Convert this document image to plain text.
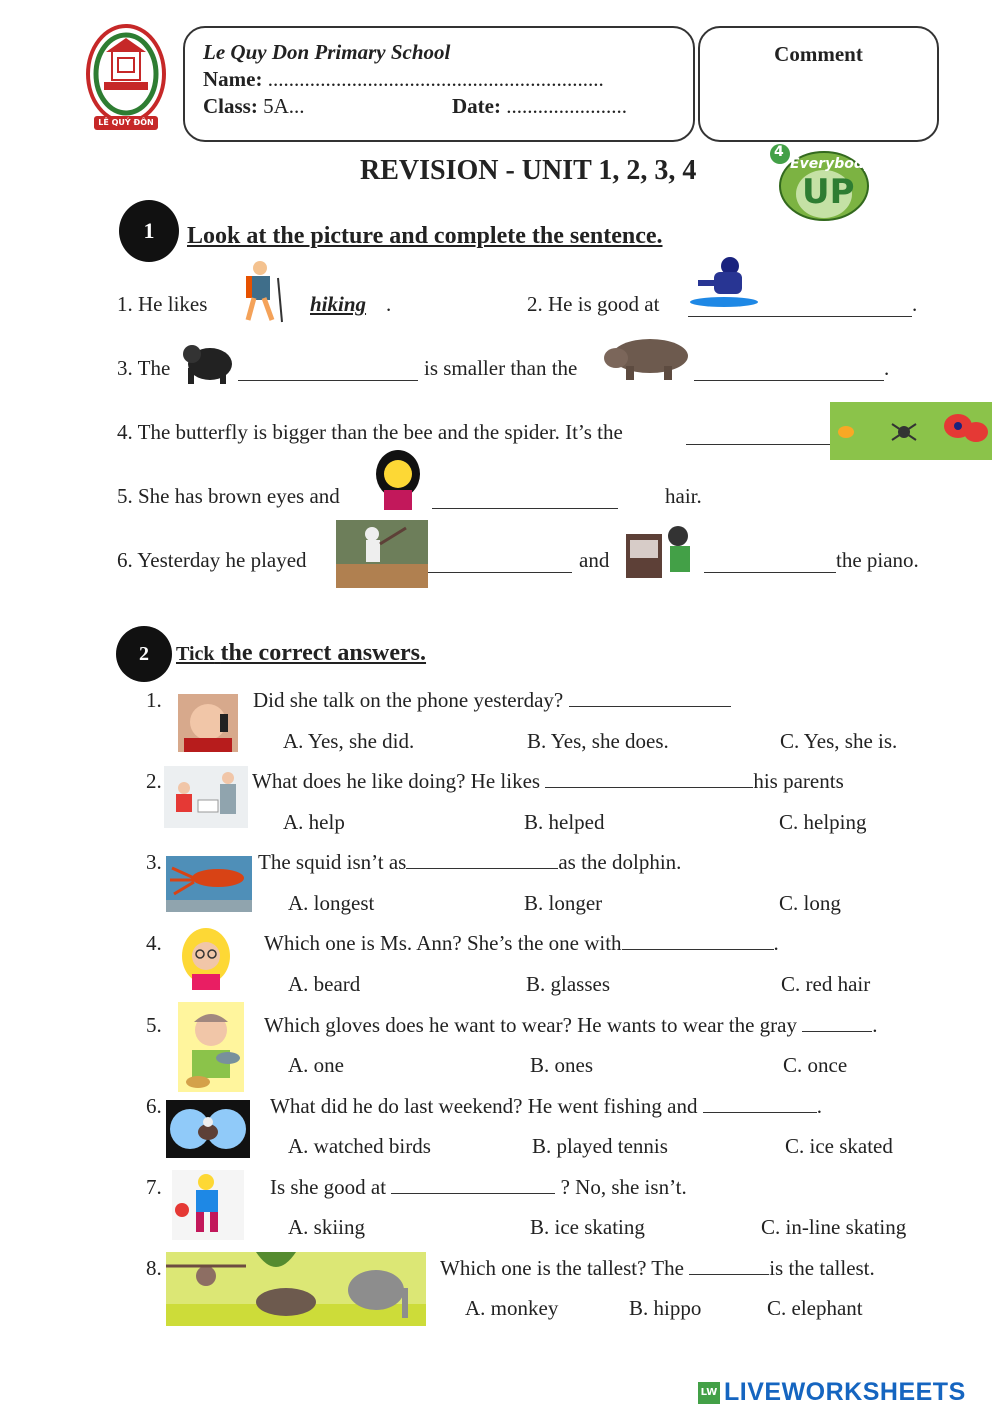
LÊ QUÝ ĐÔN
Le Quy Don Primary School
Name: ................................................................
Class: 5A...	Date: .......................
Comment
REVISION - UNIT 1, 2, 3, 4
4
Everybody
UP
1	Look at the picture and complete the sentence.
1. He likes	hiking .	2. He is good at	.
3. The	is smaller than the	.
4. The butterfly is bigger than the bee and the spider. It’s the
5. She has brown eyes and	hair.
6. Yesterday he played	and	the piano.
2	Tick the correct answers.
1.	Did she talk on the phone yesterday?
A. Yes, she did.	B. Yes, she does.	C. Yes, she is.
2.	What does he like doing? He likes	his parents
A. help	B. helped	C. helping
3.	The squid isn’t as	as the dolphin.
A. longest	B. longer	C. long
4.	Which one is Ms. Ann? She’s the one with	.
A. beard	B. glasses	C. red hair
5.	Which gloves does he want to wear? He wants to wear the gray	.
A. one	B. ones	C. once
6.	What did he do last weekend? He went fishing and	.
A. watched birds	B. played tennis	C. ice skated
7.	Is she good at	? No, she isn’t.
A. skiing	B. ice skating	C. in-line skating
8.	Which one is the tallest? The	is the tallest.
A. monkey	B. hippo	C. elephant
LW LIVEWORKSHEETS
